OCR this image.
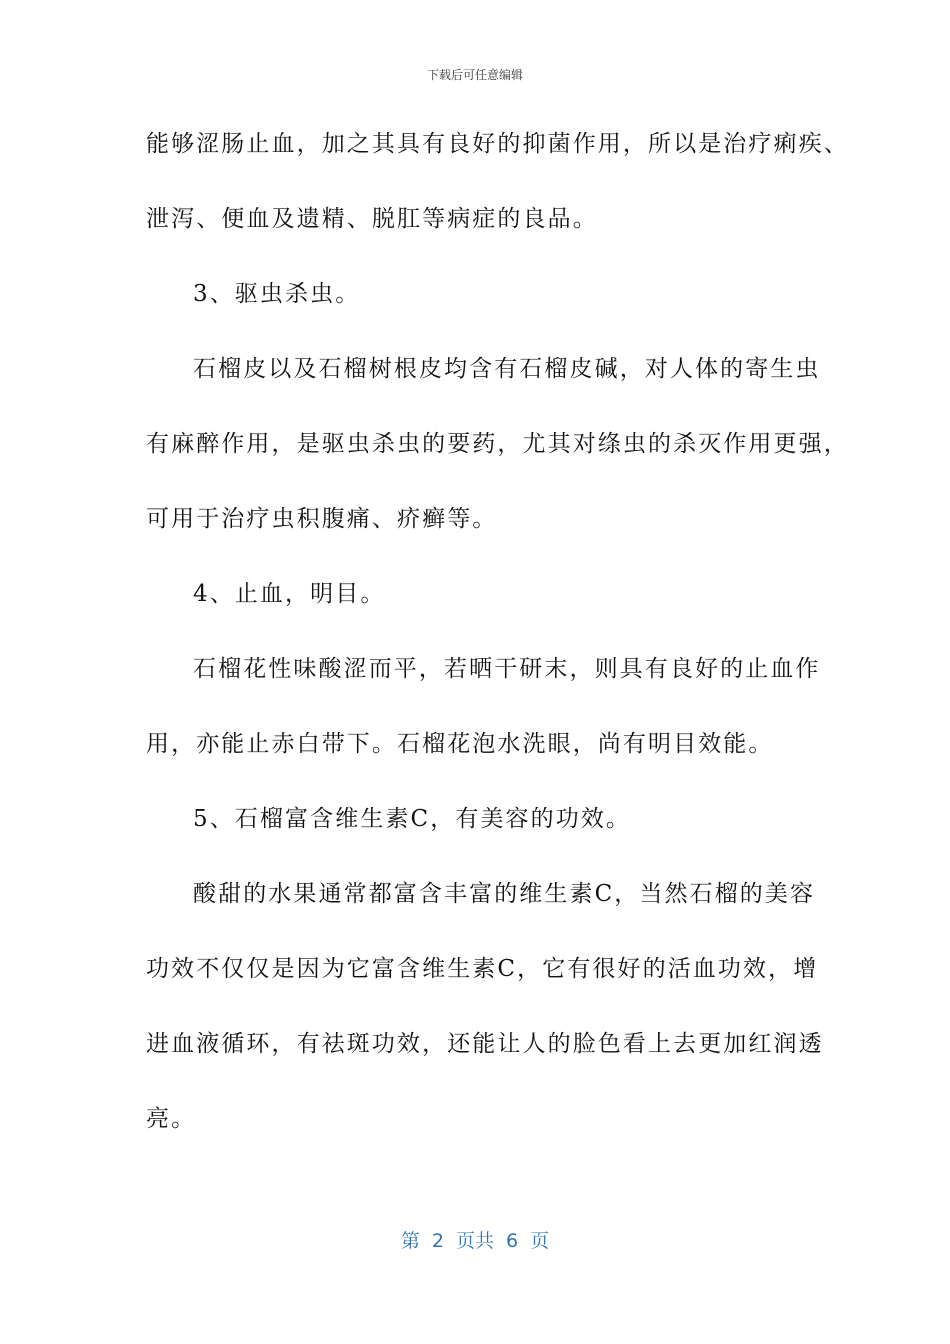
下载后可任意编辑
能够涩肠止血，加之其具有良好的抑菌作用，所以是治疗痢疾、
泄泻、便血及遗精、脱肛等病症的良品。
3、驱虫杀虫。
石榴皮以及石榴树根皮均含有石榴皮碱，对人体的寄生虫
有麻醉作用，是驱虫杀虫的要药，尤其对绦虫的杀灭作用更强，
可用于治疗虫积腹痛、疥癣等。
4、止血，明目。
石榴花性味酸涩而平，若晒干研末，则具有良好的止血作
用，亦能止赤白带下。石榴花泡水洗眼，尚有明目效能。
5、石榴富含维生素C，有美容的功效。
酸甜的水果通常都富含丰富的维生素C，当然石榴的美容
功效不仅仅是因为它富含维生素C，它有很好的活血功效，增
进血液循环，有祛斑功效，还能让人的脸色看上去更加红润透
亮。
第 2 页共 6 页
